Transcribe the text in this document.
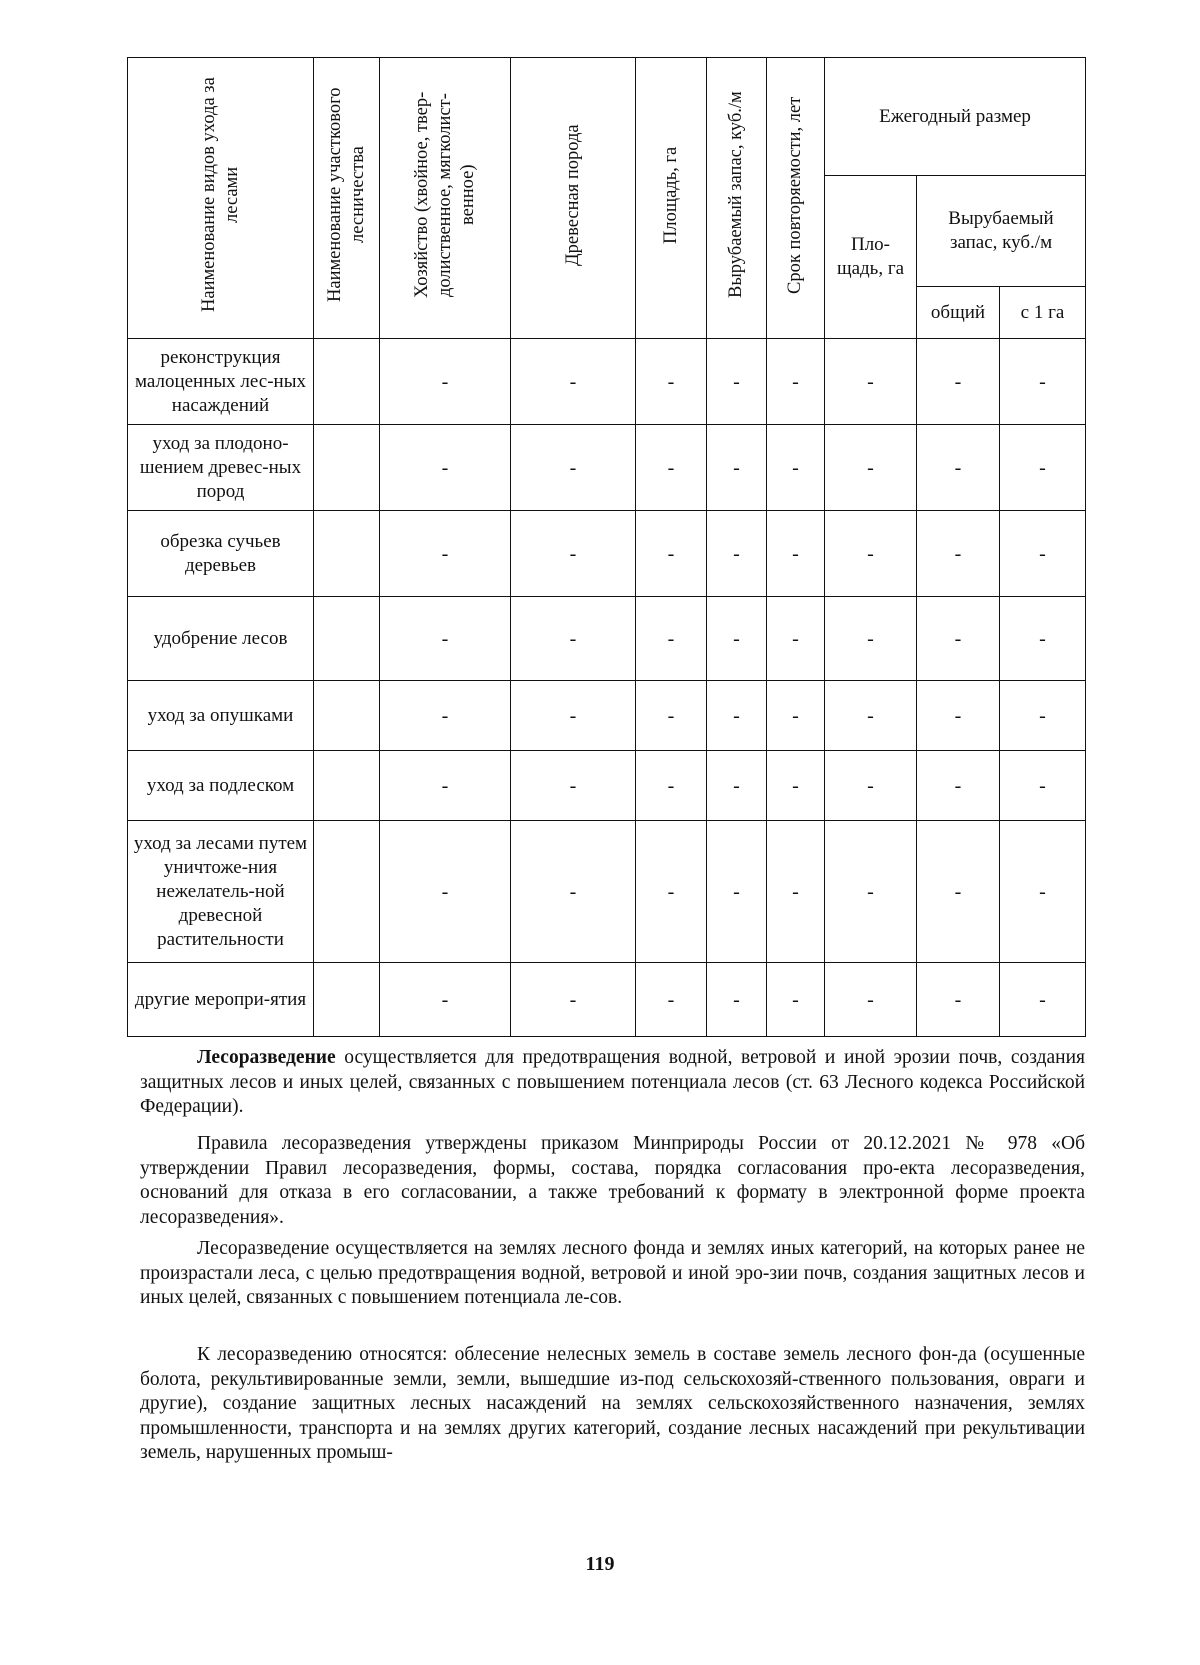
Наименование видов ухода за лесами	Наименование участкового лесничества	Хозяйство (хвойное, твер-долиственное, мягколист-венное)	Древесная порода	Площадь, га	Вырубаемый запас, куб./м	Срок повторяемости, лет	Ежегодный размер		
							Пло-щадь, га	Вырубаемый запас, куб./м	
								общий	с 1 га
реконструкция малоценных лес-ных насаждений		-	-	-	-	-	-	-	-
уход за плодоно-шением древес-ных пород		-	-	-	-	-	-	-	-
обрезка сучьев деревьев		-	-	-	-	-	-	-	-
удобрение лесов		-	-	-	-	-	-	-	-
уход за опушками		-	-	-	-	-	-	-	-
уход за подлеском		-	-	-	-	-	-	-	-
уход за лесами путем уничтоже-ния нежелатель-ной древесной растительности		-	-	-	-	-	-	-	-
другие меропри-ятия		-	-	-	-	-	-	-	-

Лесоразведение осуществляется для предотвращения водной, ветровой и иной эрозии почв, создания защитных лесов и иных целей, связанных с повышением потенциала лесов (ст. 63 Лесного кодекса Российской Федерации).

Правила лесоразведения утверждены приказом Минприроды России от 20.12.2021 № 978 «Об утверждении Правил лесоразведения, формы, состава, порядка согласования про-екта лесоразведения, оснований для отказа в его согласовании, а также требований к формату в электронной форме проекта лесоразведения».

Лесоразведение осуществляется на землях лесного фонда и землях иных категорий, на которых ранее не произрастали леса, с целью предотвращения водной, ветровой и иной эро-зии почв, создания защитных лесов и иных целей, связанных с повышением потенциала ле-сов.

К лесоразведению относятся: облесение нелесных земель в составе земель лесного фон-да (осушенные болота, рекультивированные земли, земли, вышедшие из-под сельскохозяй-ственного пользования, овраги и другие), создание защитных лесных насаждений на землях сельскохозяйственного назначения, землях промышленности, транспорта и на землях других категорий, создание лесных насаждений при рекультивации земель, нарушенных промыш-

119
